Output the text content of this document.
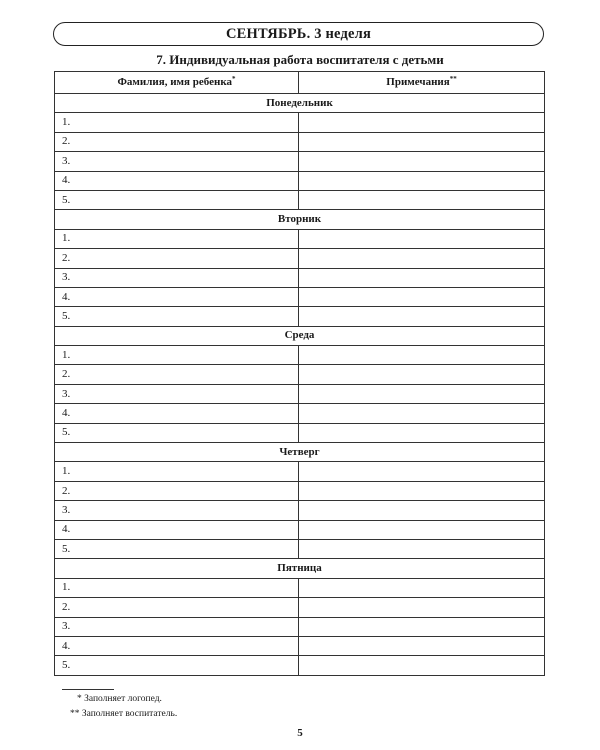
СЕНТЯБРЬ. 3 неделя
7. Индивидуальная работа воспитателя с детьми
Фамилия, имя ребенка*	Примечания**
Понедельник	
1.	
2.	
3.	
4.	
5.	
Вторник	
1.	
2.	
3.	
4.	
5.	
Среда	
1.	
2.	
3.	
4.	
5.	
Четверг	
1.	
2.	
3.	
4.	
5.	
Пятница	
1.	
2.	
3.	
4.	
5.	
* Заполняет логопед.
** Заполняет воспитатель.
5
